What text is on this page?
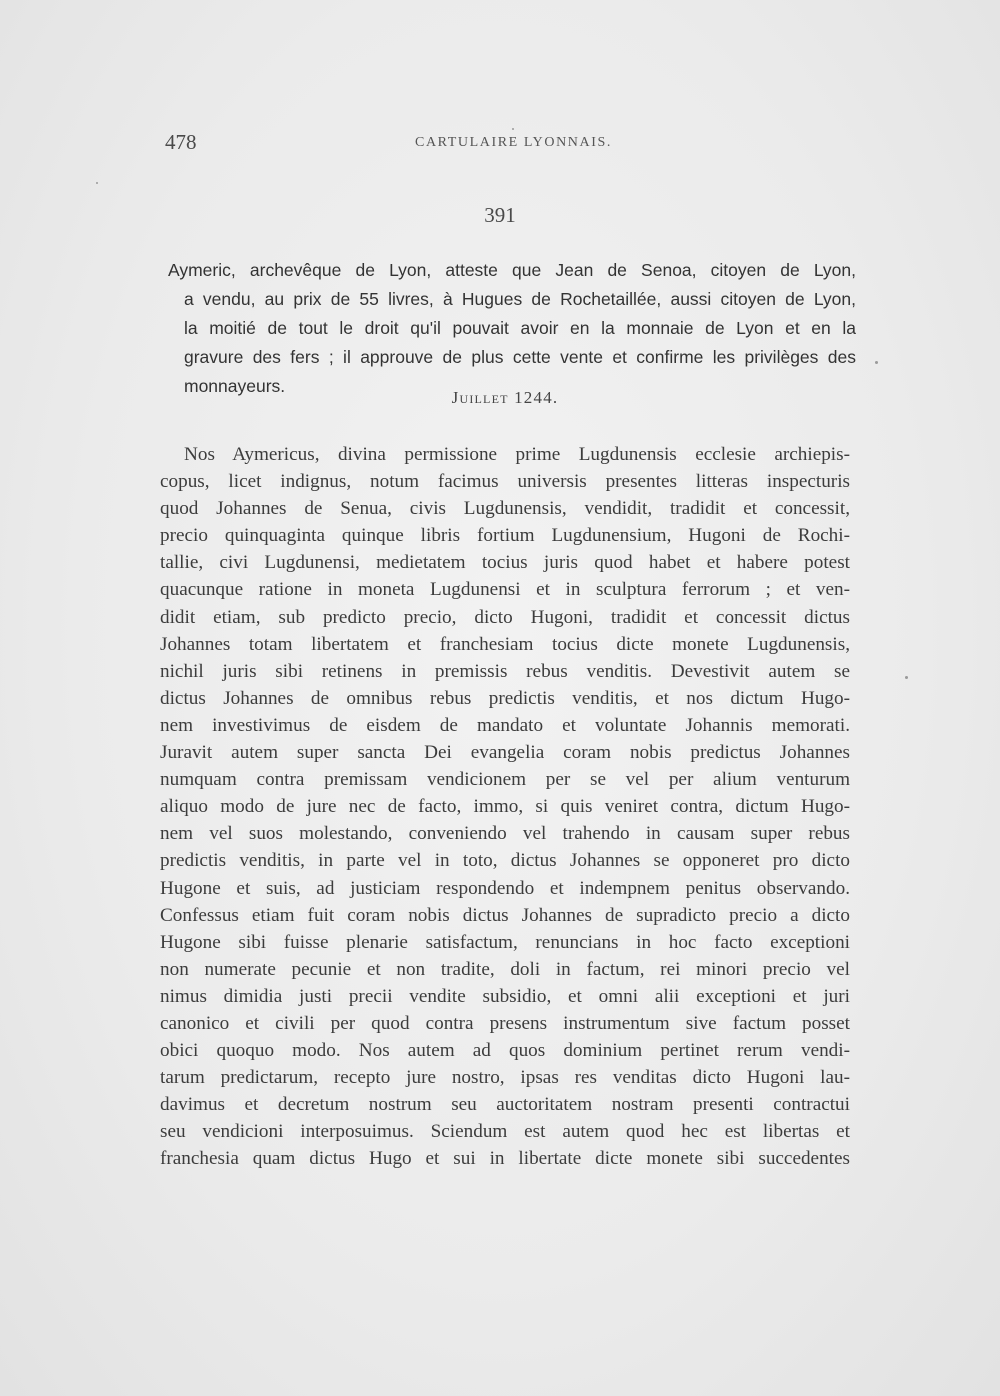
478	CARTULAIRE LYONNAIS.
391
Aymeric, archevêque de Lyon, atteste que Jean de Senoa, citoyen de Lyon,
a vendu, au prix de 55 livres, à Hugues de Rochetaillée, aussi citoyen de Lyon,
la moitié de tout le droit qu'il pouvait avoir en la monnaie de Lyon et en la
gravure des fers ; il approuve de plus cette vente et confirme les privilèges des
monnayeurs.
Juillet 1244.
Nos Aymericus, divina permissione prime Lugdunensis ecclesie archiepis-
copus, licet indignus, notum facimus universis presentes litteras inspecturis
quod Johannes de Senua, civis Lugdunensis, vendidit, tradidit et concessit,
precio quinquaginta quinque libris fortium Lugdunensium, Hugoni de Rochi-
tallie, civi Lugdunensi, medietatem tocius juris quod habet et habere potest
quacunque ratione in moneta Lugdunensi et in sculptura ferrorum ; et ven-
didit etiam, sub predicto precio, dicto Hugoni, tradidit et concessit dictus
Johannes totam libertatem et franchesiam tocius dicte monete Lugdunensis,
nichil juris sibi retinens in premissis rebus venditis. Devestivit autem se
dictus Johannes de omnibus rebus predictis venditis, et nos dictum Hugo-
nem investivimus de eisdem de mandato et voluntate Johannis memorati.
Juravit autem super sancta Dei evangelia coram nobis predictus Johannes
numquam contra premissam vendicionem per se vel per alium venturum
aliquo modo de jure nec de facto, immo, si quis veniret contra, dictum Hugo-
nem vel suos molestando, conveniendo vel trahendo in causam super rebus
predictis venditis, in parte vel in toto, dictus Johannes se opponeret pro dicto
Hugone et suis, ad justiciam respondendo et indempnem penitus observando.
Confessus etiam fuit coram nobis dictus Johannes de supradicto precio a dicto
Hugone sibi fuisse plenarie satisfactum, renuncians in hoc facto exceptioni
non numerate pecunie et non tradite, doli in factum, rei minori precio vel
nimus dimidia justi precii vendite subsidio, et omni alii exceptioni et juri
canonico et civili per quod contra presens instrumentum sive factum posset
obici quoquo modo. Nos autem ad quos dominium pertinet rerum vendi-
tarum predictarum, recepto jure nostro, ipsas res venditas dicto Hugoni lau-
davimus et decretum nostrum seu auctoritatem nostram presenti contractui
seu vendicioni interposuimus. Sciendum est autem quod hec est libertas et
franchesia quam dictus Hugo et sui in libertate dicte monete sibi succedentes
